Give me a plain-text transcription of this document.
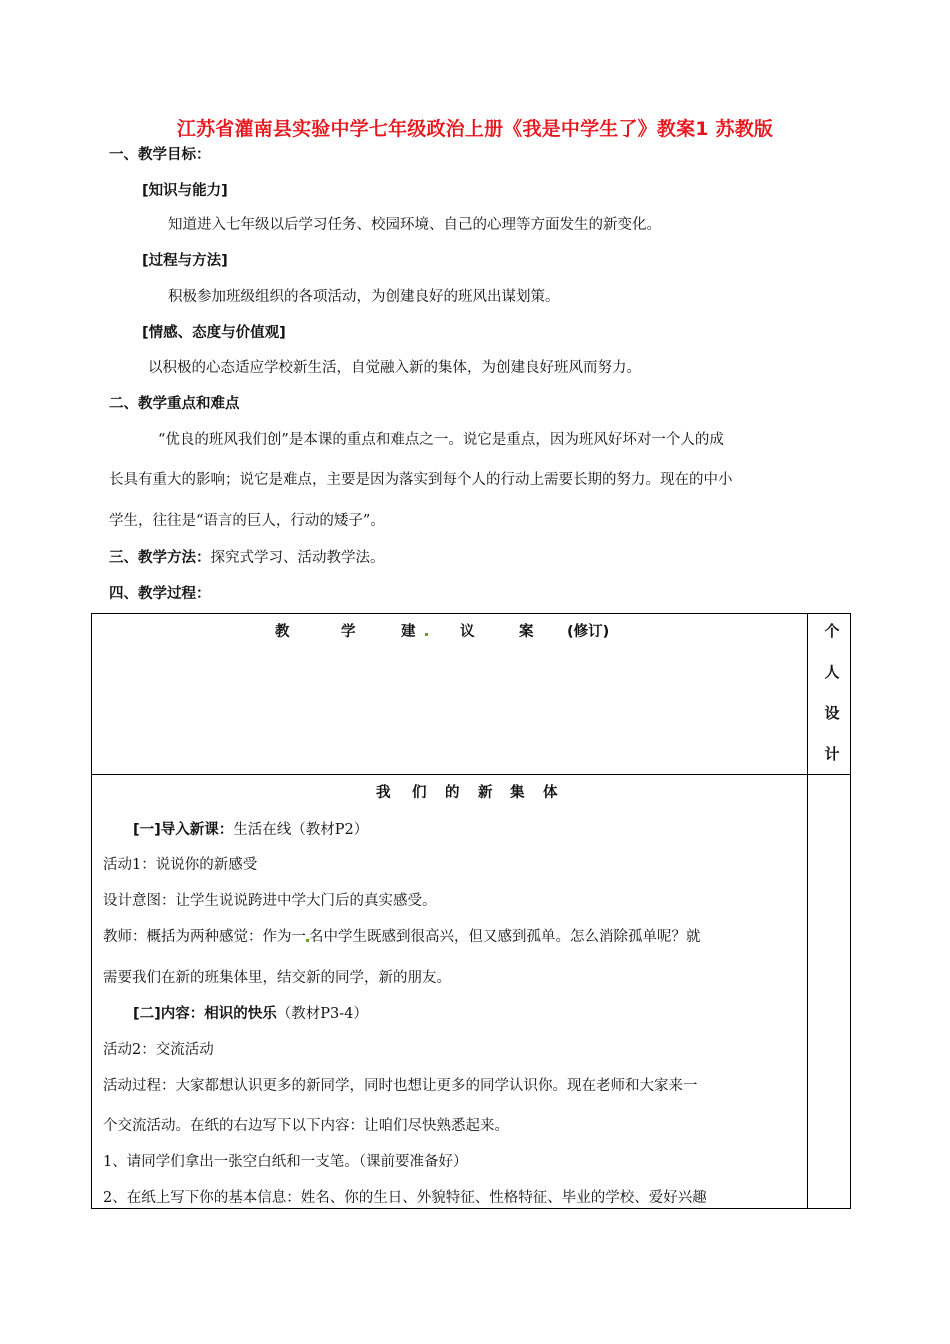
江苏省灌南县实验中学七年级政治上册《我是中学生了》教案1 苏教版
一、教学目标：
[知识与能力]
知道进入七年级以后学习任务、校园环境、自己的心理等方面发生的新变化。
[过程与方法]
积极参加班级组织的各项活动，为创建良好的班风出谋划策。
[情感、态度与价值观]
以积极的心态适应学校新生活，自觉融入新的集体，为创建良好班风而努力。
二、教学重点和难点
“优良的班风我们创”是本课的重点和难点之一。说它是重点，因为班风好坏对一个人的成
长具有重大的影响；说它是难点，主要是因为落实到每个人的行动上需要长期的努力。现在的中小
学生，往往是“语言的巨人，行动的矮子”。
三、教学方法：探究式学习、活动教学法。
四、教学过程：
教	学	建	议	案 (修订)	个
人
设
计
我 们 的 新 集 体
[一]导入新课：生活在线（教材P2）
活动1：说说你的新感受
设计意图：让学生说说跨进中学大门后的真实感受。
教师：概括为两种感觉：作为一 名中学生既感到很高兴，但又感到孤单。怎么消除孤单呢？就
需要我们在新的班集体里，结交新的同学，新的朋友。
[二]内容：相识的快乐（教材P3-4）
活动2：交流活动
活动过程：大家都想认识更多的新同学，同时也想让更多的同学认识你。现在老师和大家来一
个交流活动。在纸的右边写下以下内容：让咱们尽快熟悉起来。
1、请同学们拿出一张空白纸和一支笔。（课前要准备好）
2、在纸上写下你的基本信息：姓名、你的生日、外貌特征、性格特征、毕业的学校、爱好兴趣
